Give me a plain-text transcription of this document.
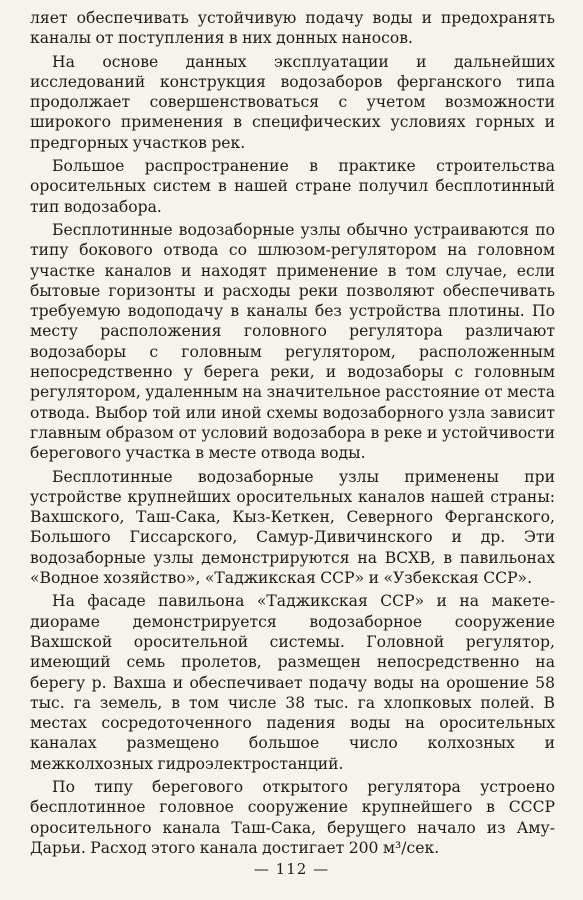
ляет обеспечивать устойчивую подачу воды и предохранять каналы от поступления в них донных наносов.

На основе данных эксплуатации и дальнейших исследований конструкция водозаборов ферганского типа продолжает совершенствоваться с учетом возможности широкого применения в специфических условиях горных и предгорных участков рек.

Большое распространение в практике строительства оросительных систем в нашей стране получил бесплотинный тип водозабора.

Бесплотинные водозаборные узлы обычно устраиваются по типу бокового отвода со шлюзом-регулятором на головном участке каналов и находят применение в том случае, если бытовые горизонты и расходы реки позволяют обеспечивать требуемую водоподачу в каналы без устройства плотины. По месту расположения головного регулятора различают водозаборы с головным регулятором, расположенным непосредственно у берега реки, и водозаборы с головным регулятором, удаленным на значительное расстояние от места отвода. Выбор той или иной схемы водозаборного узла зависит главным образом от условий водозабора в реке и устойчивости берегового участка в месте отвода воды.

Бесплотинные водозаборные узлы применены при устройстве крупнейших оросительных каналов нашей страны: Вахшского, Таш-Сака, Кыз-Кеткен, Северного Ферганского, Большого Гиссарского, Самур-Дивичинского и др. Эти водозаборные узлы демонстрируются на ВСХВ, в павильонах «Водное хозяйство», «Таджикская ССР» и «Узбекская ССР».

На фасаде павильона «Таджикская ССР» и на макете-диораме демонстрируется водозаборное сооружение Вахшской оросительной системы. Головной регулятор, имеющий семь пролетов, размещен непосредственно на берегу р. Вахша и обеспечивает подачу воды на орошение 58 тыс. га земель, в том числе 38 тыс. га хлопковых полей. В местах сосредоточенного падения воды на оросительных каналах размещено большое число колхозных и межколхозных гидроэлектростанций.

По типу берегового открытого регулятора устроено бесплотинное головное сооружение крупнейшего в СССР оросительного канала Таш-Сака, берущего начало из Аму-Дарьи. Расход этого канала достигает 200 м³/сек.

— 112 —
